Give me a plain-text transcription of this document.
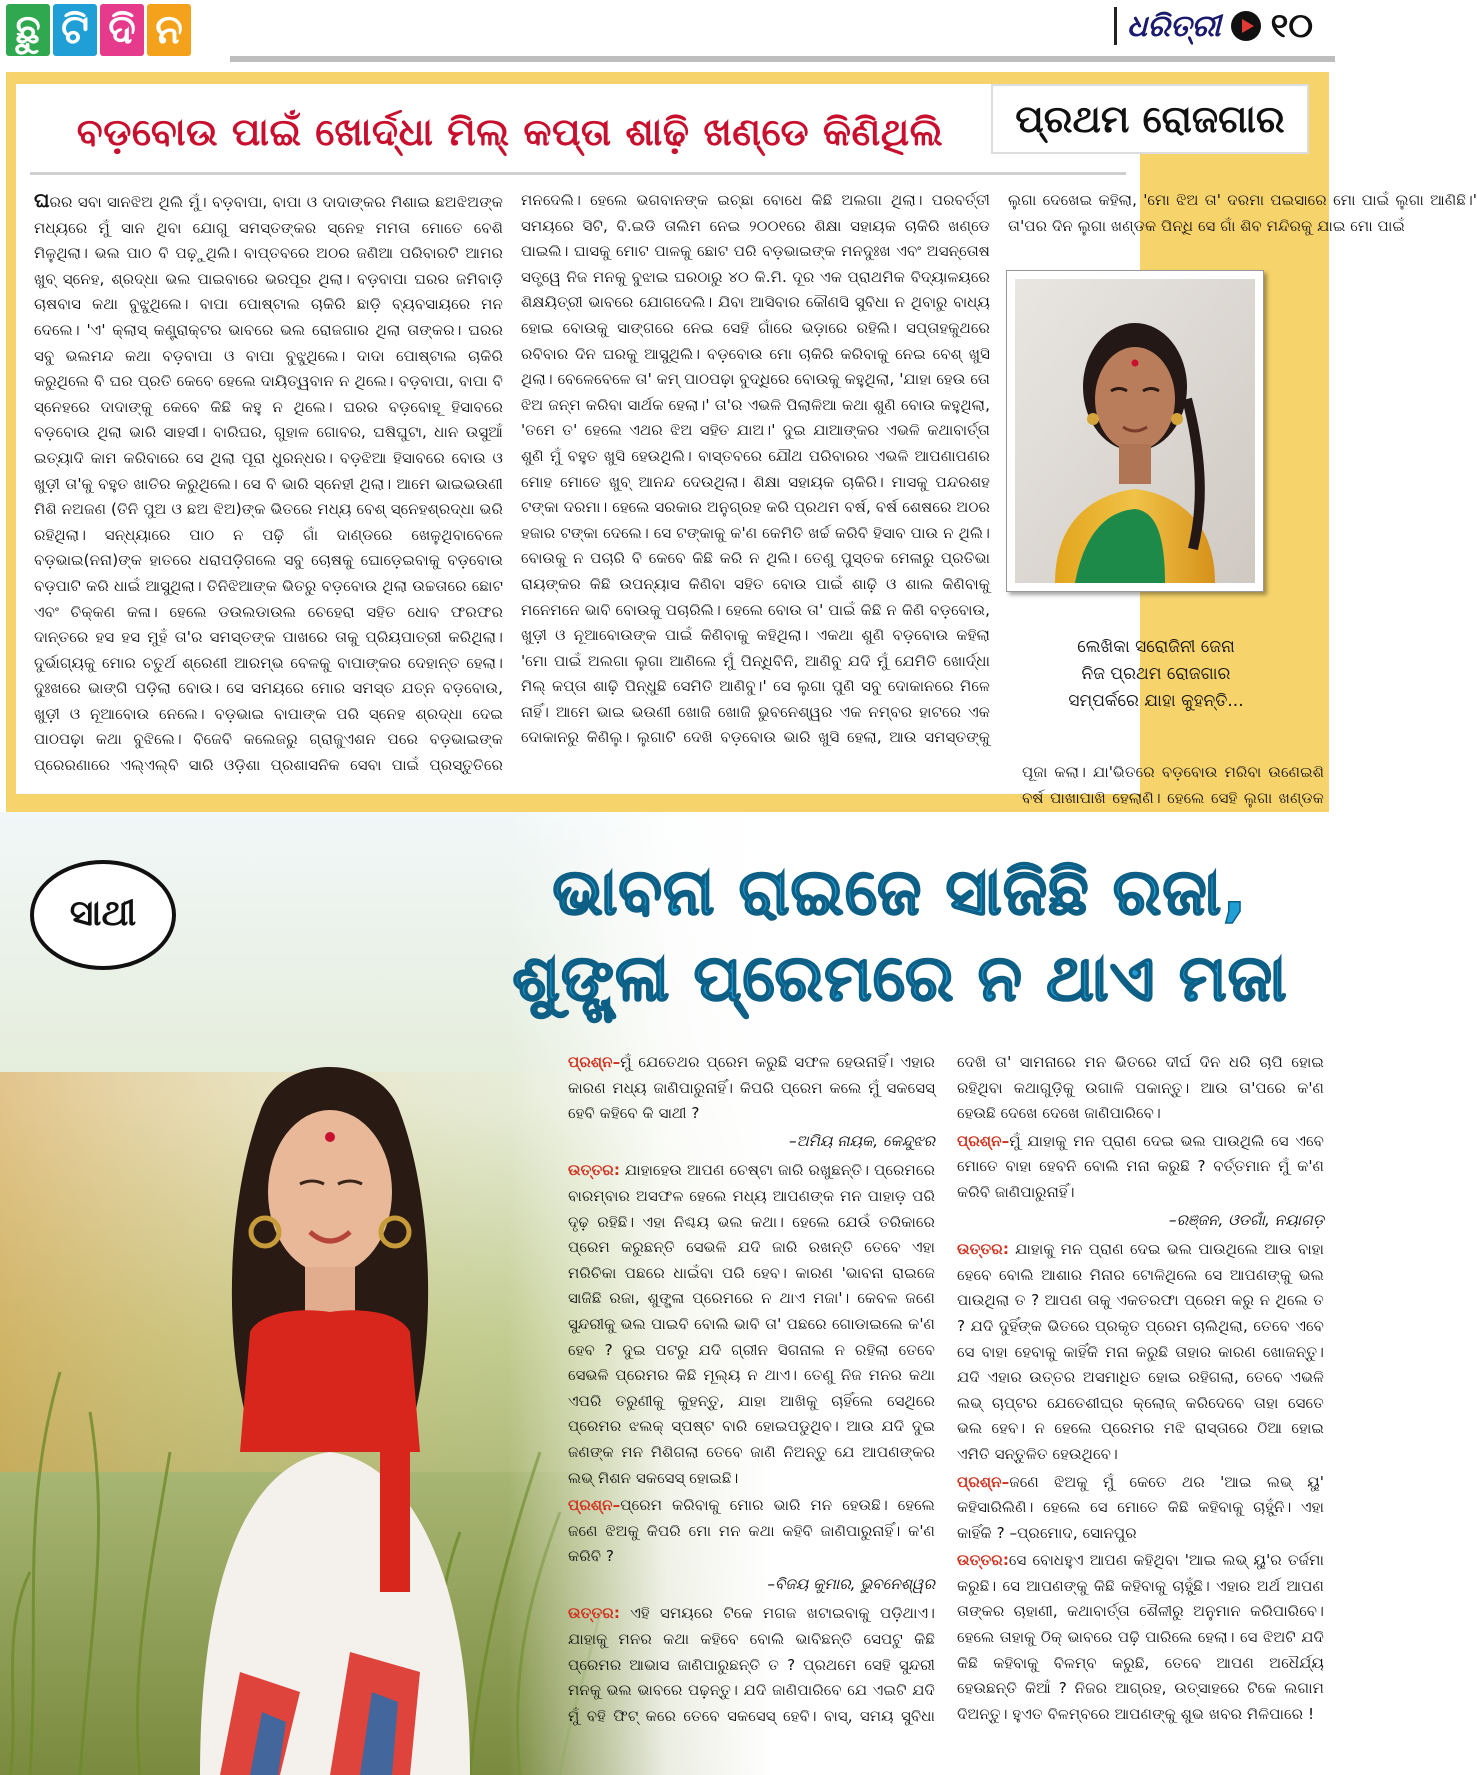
ଛୁ ଟି ଦି ନ	ଧରିତ୍ରୀ ୧୦
ବଡ଼ବୋଉ ପାଇଁ ଖୋର୍ଦ୍ଧା ମିଲ୍ କପ୍ତା ଶାଢ଼ି ଖଣ୍ଡେ କିଣିଥିଲି

ଘରର ସବା ସାନଝିଅ ଥିଲି ମୁଁ। ବଡ଼ବାପା, ବାପା ଓ ଦାଦାଙ୍କର ମିଶାଇ ଛଅଝିଅଙ୍କ ମଧ୍ୟରେ ମୁଁ ସାନ ଥିବା ଯୋଗୁ ସମସ୍ତଙ୍କର ସ୍ନେହ ମମତା ମୋତେ ବେଶି ମିଳୁଥିଲା। ଭଲ ପାଠ ବି ପଢ଼ୁଥିଲି। ବାପ୍ତବରେ ଅଠର ଜଣିଆ ପରିବାରଟି ଆମର ଖୁବ୍ ସ୍ନେହ, ଶ୍ରଦ୍ଧା ଭଲ ପାଇବାରେ ଭରପୂର ଥିଲା। ବଡ଼ବାପା ଘରର ଜମିବାଡ଼ି ଚାଷବାସ କଥା ବୁଝୁଥିଲେ। ବାପା ପୋଷ୍ଟାଲ ଚାକିରି ଛାଡ଼ି ବ୍ୟବସାୟରେ ମନ ଦେଲେ। 'ଏ' କ୍ଲାସ୍ କଣ୍ଟ୍ରାକ୍ଟର ଭାବରେ ଭଲ ରୋଜଗାର ଥିଲା ତାଙ୍କର। ଘରର ସବୁ ଭଲମନ୍ଦ କଥା ବଡ଼ବାପା ଓ ବାପା ବୁଝୁଥିଲେ। ଦାଦା ପୋଷ୍ଟାଲ ଚାକିରି କରୁଥିଲେ ବି ଘର ପ୍ରତି କେବେ ହେଲେ ଦାୟିତ୍ୱବାନ ନ ଥିଲେ। ବଡ଼ବାପା, ବାପା ବି ସ୍ନେହରେ ଦାଦାଙ୍କୁ କେବେ କିଛି କହୁ ନ ଥିଲେ। ଘରର ବଡ଼ବୋହୂ ହିସାବରେ ବଡ଼ବୋଉ ଥିଲା ଭାରି ସାହସୀ। ବାରିଘର, ଗୁହାଳ ଗୋବର, ଘଷିଘୁଟା, ଧାନ ଉସୁଆଁ ଇତ୍ୟାଦି କାମ କରିବାରେ ସେ ଥିଲା ପୂରା ଧୁରନ୍ଧର। ବଡ଼ଝିଆ ହିସାବରେ ବୋଉ ଓ ଖୁଡ଼ୀ ତା'କୁ ବହୁତ ଖାତିର କରୁଥିଲେ। ସେ ବି ଭାରି ସ୍ନେହୀ ଥିଲା। ଆମେ ଭାଇଭଉଣୀ ମିଶି ନଅଜଣ (ତିନି ପୁଅ ଓ ଛଅ ଝିଅ)ଙ୍କ ଭିତରେ ମଧ୍ୟ ବେଶ୍ ସ୍ନେହଶ୍ରଦ୍ଧା ଭରି ରହିଥିଲା। ସନ୍ଧ୍ୟାରେ ପାଠ ନ ପଢ଼ି ଗାଁ ଦାଣ୍ଡରେ ଖେଳୁଥିବାବେଳେ ବଡ଼ଭାଇ(ନନା)ଙ୍କ ହାତରେ ଧରାପଡ଼ିଗଲେ ସବୁ ଚୋଷକୁ ଘୋଡ଼େଇବାକୁ ବଡ଼ବୋଉ ବଡ଼ପାଟି କରି ଧାଇଁ ଆସୁଥିଲା। ତିନିଝିଆଙ୍କ ଭିତରୁ ବଡ଼ବୋଉ ଥିଲା ଉଚ୍ଚତାରେ ଛୋଟ ଏବଂ ଚିକ୍କଣ କଳା। ହେଲେ ଡଉଲଡାଉଲ ଚେହେରା ସହିତ ଧୋବ ଫରଫର ଦାନ୍ତରେ ହସ ହସ ମୁହଁ ତା'ର ସମସ୍ତଙ୍କ ପାଖରେ ତାକୁ ପ୍ରିୟପାତ୍ରୀ କରିଥିଲା। ଦୁର୍ଭାଗ୍ୟକୁ ମୋର ଚତୁର୍ଥ ଶ୍ରେଣୀ ଆରମ୍ଭ ବେଳକୁ ବାପାଙ୍କର ଦେହାନ୍ତ ହେଲା। ଦୁଃଖରେ ଭାଙ୍ଗି ପଡ଼ିଲା ବୋଉ। ସେ ସମୟରେ ମୋର ସମସ୍ତ ଯତ୍ନ ବଡ଼ବୋଉ, ଖୁଡ଼ୀ ଓ ନୂଆବୋଉ ନେଲେ। ବଡ଼ଭାଇ ବାପାଙ୍କ ପରି ସ୍ନେହ ଶ୍ରଦ୍ଧା ଦେଇ ପାଠପଢ଼ା କଥା ବୁଝିଲେ। ବିଜେବି କଲେଜରୁ ଗ୍ରାଜୁଏଶନ ପରେ ବଡ଼ଭାଇଙ୍କ ପ୍ରେରଣାରେ ଏଲ୍ଏଲ୍ବି ସାରି ଓଡ଼ିଶା ପ୍ରଶାସନିକ ସେବା ପାଇଁ ପ୍ରସ୍ତୁତିରେ ମନଦେଲି। ହେଲେ ଭଗବାନଙ୍କ ଇଚ୍ଛା ବୋଧେ କିଛି ଅଲଗା ଥିଲା। ପରବର୍ତ୍ତୀ ସମୟରେ ସିଟି, ବି.ଇଡି ତାଲିମ ନେଇ ୨୦୦୧ରେ ଶିକ୍ଷା ସହାୟକ ଚାକିରି ଖଣ୍ଡେ ପାଇଲି। ଘାସକୁ ମୋଟ ପାଳକୁ ଛୋଟ ପରି ବଡ଼ଭାଇଙ୍କ ମନଦୁଃଖ ଏବଂ ଅସନ୍ତୋଷ ସତ୍ତ୍ୱେ ନିଜ ମନକୁ ବୁଝାଇ ଘରଠାରୁ ୪୦ କି.ମି. ଦୂର ଏକ ପ୍ରାଥମିକ ବିଦ୍ୟାଳୟରେ ଶିକ୍ଷୟିତ୍ରୀ ଭାବରେ ଯୋଗଦେଲି। ଯିବା ଆସିବାର କୌଣସି ସୁବିଧା ନ ଥିବାରୁ ବାଧ୍ୟ ହୋଇ ବୋଉକୁ ସାଙ୍ଗରେ ନେଇ ସେହି ଗାଁରେ ଭଡ଼ାରେ ରହିଲି। ସପ୍ତାହକୁଥରେ ରବିବାର ଦିନ ଘରକୁ ଆସୁଥିଲି। ବଡ଼ବୋଉ ମୋ ଚାକିରି କରିବାକୁ ନେଇ ବେଶ୍ ଖୁସି ଥିଲା। ବେଳେବେଳେ ତା' କମ୍ ପାଠପଢ଼ା ବୁଦ୍ଧିରେ ବୋଉକୁ କହୁଥିଲା, 'ଯାହା ହେଉ ତୋ ଝିଅ ଜନ୍ମ କରିବା ସାର୍ଥକ ହେଲା।' ତା'ର ଏଭଳି ପିଲାଳିଆ କଥା ଶୁଣି ବୋଉ କହୁଥିଲା, 'ତମେ ତ' ହେଲେ ଏଥର ଝିଅ ସହିତ ଯାଅ।' ଦୁଇ ଯାଆଙ୍କର ଏଭଳି କଥାବାର୍ତ୍ତା ଶୁଣି ମୁଁ ବହୁତ ଖୁସି ହେଉଥିଲି। ବାସ୍ତବରେ ଯୌଥ ପରିବାରର ଏଭଳି ଆପଣାପଣର ମୋହ ମୋତେ ଖୁବ୍ ଆନନ୍ଦ ଦେଉଥିଲା। ଶିକ୍ଷା ସହାୟକ ଚାକିରି। ମାସକୁ ପନ୍ଦରଶହ ଟଙ୍କା ଦରମା। ହେଲେ ସରକାର ଅନୁଗ୍ରହ କରି ପ୍ରଥମ ବର୍ଷ, ବର୍ଷ ଶେଷରେ ଅଠର ହଜାର ଟଙ୍କା ଦେଲେ। ସେ ଟଙ୍କାକୁ କ'ଣ କେମିତି ଖର୍ଚ୍ଚ କରିବି ହିସାବ ପାଉ ନ ଥିଲି। ବୋଉକୁ ନ ପଚାରି ବି କେବେ କିଛି କରି ନ ଥିଲି। ତେଣୁ ପୁସ୍ତକ ମେଳାରୁ ପ୍ରତିଭା ରାୟଙ୍କର କିଛି ଉପନ୍ୟାସ କିଣିବା ସହିତ ବୋଉ ପାଇଁ ଶାଢ଼ି ଓ ଶାଲ କିଣିବାକୁ ମନେମନେ ଭାବି ବୋଉକୁ ପଚାରିଲି। ହେଲେ ବୋଉ ତା' ପାଇଁ କିଛି ନ କିଣି ବଡ଼ବୋଉ, ଖୁଡ଼ୀ ଓ ନୂଆବୋଉଙ୍କ ପାଇଁ କିଣିବାକୁ କହିଥିଲା। ଏକଥା ଶୁଣି ବଡ଼ବୋଉ କହିଲା 'ମୋ ପାଇଁ ଅଲଗା ଲୁଗା ଆଣିଲେ ମୁଁ ପିନ୍ଧିବିନି, ଆଣିବୁ ଯଦି ମୁଁ ଯେମିତି ଖୋର୍ଦ୍ଧା ମିଲ୍ କପ୍ତା ଶାଢ଼ି ପିନ୍ଧୁଛି ସେମିତି ଆଣିବୁ।' ସେ ଲୁଗା ପୁଣି ସବୁ ଦୋକାନରେ ମିଳେ ନାହିଁ। ଆମେ ଭାଇ ଭଉଣୀ ଖୋଜି ଖୋଜି ଭୁବନେଶ୍ୱର ଏକ ନମ୍ବର ହାଟରେ ଏକ ଦୋକାନରୁ କିଣିଲୁ। ଲୁଗାଟି ଦେଖି ବଡ଼ବୋଉ ଭାରି ଖୁସି ହେଲା, ଆଉ ସମସ୍ତଙ୍କୁ ଲୁଗା ଦେଖେଇ କହିଲା, 'ମୋ ଝିଅ ତା' ଦରମା ପଇସାରେ ମୋ ପାଇଁ ଲୁଗା ଆଣିଛି।' ତା'ପର ଦିନ ଲୁଗା ଖଣ୍ଡକ ପିନ୍ଧି ସେ ଗାଁ ଶିବ ମନ୍ଦିରକୁ ଯାଇ ମୋ ପାଇଁ

ପ୍ରଥମ ରୋଜଗାର
ଲେଖିକା ସରୋଜିନୀ ଜେନା
ନିଜ ପ୍ରଥମ ରୋଜଗାର
ସମ୍ପର୍କରେ ଯାହା କୁହନ୍ତି...
ପୂଜା କଲା। ଯା'ଭିତରେ ବଡ଼ବୋଉ ମରିବା ଉଣେଇଶି ବର୍ଷ ପାଖାପାଖି ହେଲାଣି। ହେଲେ ସେହି ଲୁଗା ଖଣ୍ଡକ
ସାଥୀ	ଭାବନା ରାଇଜେ ସାଜିଛି ରଜା,
ଶୁଙ୍ଖ୍ଳା ପ୍ରେମରେ ନ ଥାଏ ମଜା

ପ୍ରଶ୍ନ–ମୁଁ ଯେତେଥର ପ୍ରେମ କରୁଛି ସଫଳ ହେଉନାହିଁ। ଏହାର କାରଣ ମଧ୍ୟ ଜାଣିପାରୁନାହିଁ। କିପରି ପ୍ରେମ କଲେ ମୁଁ ସକସେସ୍ ହେବି କହିବେ କି ସାଥୀ ?

–ଅମିୟ ନାୟକ, କେନ୍ଦୁଝର

ଉତ୍ତର: ଯାହାହେଉ ଆପଣ ଚେଷ୍ଟା ଜାରି ରଖୁଛନ୍ତି। ପ୍ରେମରେ ବାରମ୍ବାର ଅସଫଳ ହେଲେ ମଧ୍ୟ ଆପଣଙ୍କ ମନ ପାହାଡ଼ ପରି ଦୃଢ଼ ରହିଛି। ଏହା ନିଶ୍ଚୟ ଭଲ କଥା। ହେଲେ ଯେଉଁ ତରିକାରେ ପ୍ରେମ କରୁଛନ୍ତି ସେଭଳି ଯଦି ଜାରି ରଖନ୍ତି ତେବେ ଏହା ମରିଚିକା ପଛରେ ଧାଇଁବା ପରି ହେବ। କାରଣ 'ଭାବନା ରାଇଜେ ସାଜିଛି ରଜା, ଶୁଙ୍ଖ୍ଳା ପ୍ରେମରେ ନ ଥାଏ ମଜା'। କେବଳ ଜଣେ ସୁନ୍ଦରୀକୁ ଭଲ ପାଇବି ବୋଲି ଭାବି ତା' ପଛରେ ଗୋଡାଇଲେ କ'ଣ ହେବ ? ଦୁଇ ପଟରୁ ଯଦି ଗ୍ରୀନ ସିଗନାଲ ନ ରହିଲା ତେବେ ସେଭଳି ପ୍ରେମର କିଛି ମୂଲ୍ୟ ନ ଥାଏ। ତେଣୁ ନିଜ ମନର କଥା ଏପରି ତରୁଣୀକୁ କୁହନ୍ତୁ, ଯାହା ଆଖିକୁ ଚାହିଁଲେ ସେଥିରେ ପ୍ରେମର ଝଲକ୍ ସ୍ପଷ୍ଟ ବାରି ହୋଇପଡୁଥିବ। ଆଉ ଯଦି ଦୁଇ ଜଣଙ୍କ ମନ ମିଶିଗଲା ତେବେ ଜାଣି ନିଅନ୍ତୁ ଯେ ଆପଣଙ୍କର ଲଭ୍ ମିଶନ ସକସେସ୍ ହୋଇଛି।

ପ୍ରଶ୍ନ–ପ୍ରେମ କରିବାକୁ ମୋର ଭାରି ମନ ହେଉଛି। ହେଲେ ଜଣେ ଝିଅକୁ କିପରି ମୋ ମନ କଥା କହିବି ଜାଣିପାରୁନାହିଁ। କ'ଣ କରିବି ?

–ବିଜୟ କୁମାର, ଭୁବନେଶ୍ୱର

ଉତ୍ତର: ଏହି ସମୟରେ ଟିକେ ମଗଜ ଖଟାଇବାକୁ ପଡ଼ିଥାଏ। ଯାହାକୁ ମନର କଥା କହିବେ ବୋଲି ଭାବିଛନ୍ତି ସେପଟୁ କିଛି ପ୍ରେମର ଆଭାସ ଜାଣିପାରୁଛନ୍ତି ତ ? ପ୍ରଥମେ ସେହି ସୁନ୍ଦରୀ ମନକୁ ଭଲ ଭାବରେ ପଢ଼ନ୍ତୁ। ଯଦି ଜାଣିପାରିବେ ଯେ ଏଇଟି ଯଦି ମୁଁ ବହି ଫିଟ୍ କରେ ତେବେ ସକସେସ୍ ହେବି। ବାସ୍, ସମୟ ସୁବିଧା ଦେଖି ତା' ସାମନାରେ ମନ ଭିତରେ ଦୀର୍ଘ ଦିନ ଧରି ଚାପି ହୋଇ ରହିଥିବା କଥାଗୁଡ଼ିକୁ ଉଗାଳି ପକାନ୍ତୁ। ଆଉ ତା'ପରେ କ'ଣ ହେଉଛି ଦେଖେ ଦେଖେ ଜାଣିପାରିବେ।

ପ୍ରଶ୍ନ–ମୁଁ ଯାହାକୁ ମନ ପ୍ରାଣ ଦେଇ ଭଲ ପାଉଥିଲି ସେ ଏବେ ମୋତେ ବାହା ହେବନି ବୋଲି ମନା କରୁଛି ? ବର୍ତ୍ତମାନ ମୁଁ କ'ଣ କରିବି ଜାଣିପାରୁନାହିଁ।

–ରଞ୍ଜନ, ଓଡଗାଁ, ନୟାଗଡ଼

ଉତ୍ତର: ଯାହାକୁ ମନ ପ୍ରାଣ ଦେଇ ଭଲ ପାଉଥିଲେ ଆଉ ବାହା ହେବେ ବୋଲି ଆଶାର ମିନାର ଟୋଳିଥିଲେ ସେ ଆପଣଙ୍କୁ ଭଲ ପାଉଥିଲା ତ ? ଆପଣ ତାକୁ ଏକତରଫା ପ୍ରେମ କରୁ ନ ଥିଲେ ତ ? ଯଦି ଦୁହିଁଙ୍କ ଭିତରେ ପ୍ରକୃତ ପ୍ରେମ ଚାଲିଥିଲା, ତେବେ ଏବେ ସେ ବାହା ହେବାକୁ କାହିଁକି ମନା କରୁଛି ତାହାର କାରଣ ଖୋଜନ୍ତୁ। ଯଦି ଏହାର ଉତ୍ତର ଅସମାଧିତ ହୋଇ ରହିଗଲା, ତେବେ ଏଭଳି ଲଭ୍ ଚାପ୍ଟର ଯେତେଶୀଘ୍ର କ୍ଲୋଜ୍ କରିଦେବେ ତାହା ସେତେ ଭଲ ହେବ। ନ ହେଲେ ପ୍ରେମର ମଝି ରାସ୍ତାରେ ଠିଆ ହୋଇ ଏମିତି ସନ୍ତୁଳିତ ହେଉଥିବେ।

ପ୍ରଶ୍ନ–ଜଣେ ଝିଅକୁ ମୁଁ କେତେ ଥର 'ଆଇ ଲଭ୍ ୟୁ' କହିସାରିଲିଣି। ହେଲେ ସେ ମୋତେ କିଛି କହିବାକୁ ଚାହୁଁନି। ଏହା କାହିଁକି ? –ପ୍ରମୋଦ, ସୋନପୁର

ଉତ୍ତର:ସେ ବୋଧହୁଏ ଆପଣ କହିଥିବା 'ଆଇ ଲଭ୍ ୟୁ'ର ତର୍ଜମା କରୁଛି। ସେ ଆପଣଙ୍କୁ କିଛି କହିବାକୁ ଚାହୁଁଛି। ଏହାର ଅର୍ଥ ଆପଣ ତାଙ୍କର ଚାହାଣୀ, କଥାବାର୍ତ୍ତା ଶୈଳୀରୁ ଅନୁମାନ କରିପାରିବେ। ହେଲେ ତାହାକୁ ଠିକ୍ ଭାବରେ ପଢ଼ି ପାରିଲେ ହେଲା। ସେ ଝିଅଟି ଯଦି କିଛି କହିବାକୁ ବିଳମ୍ବ କରୁଛି, ତେବେ ଆପଣ ଅଧୈର୍ଯ୍ୟ ହେଉଛନ୍ତି କିଆଁ ? ନିଜର ଆଗ୍ରହ, ଉତ୍ସାହରେ ଟିକେ ଲଗାମ ଦିଅନ୍ତୁ। ହୁଏତ ବିଳମ୍ବରେ ଆପଣଙ୍କୁ ଶୁଭ ଖବର ମିଳିପାରେ !
